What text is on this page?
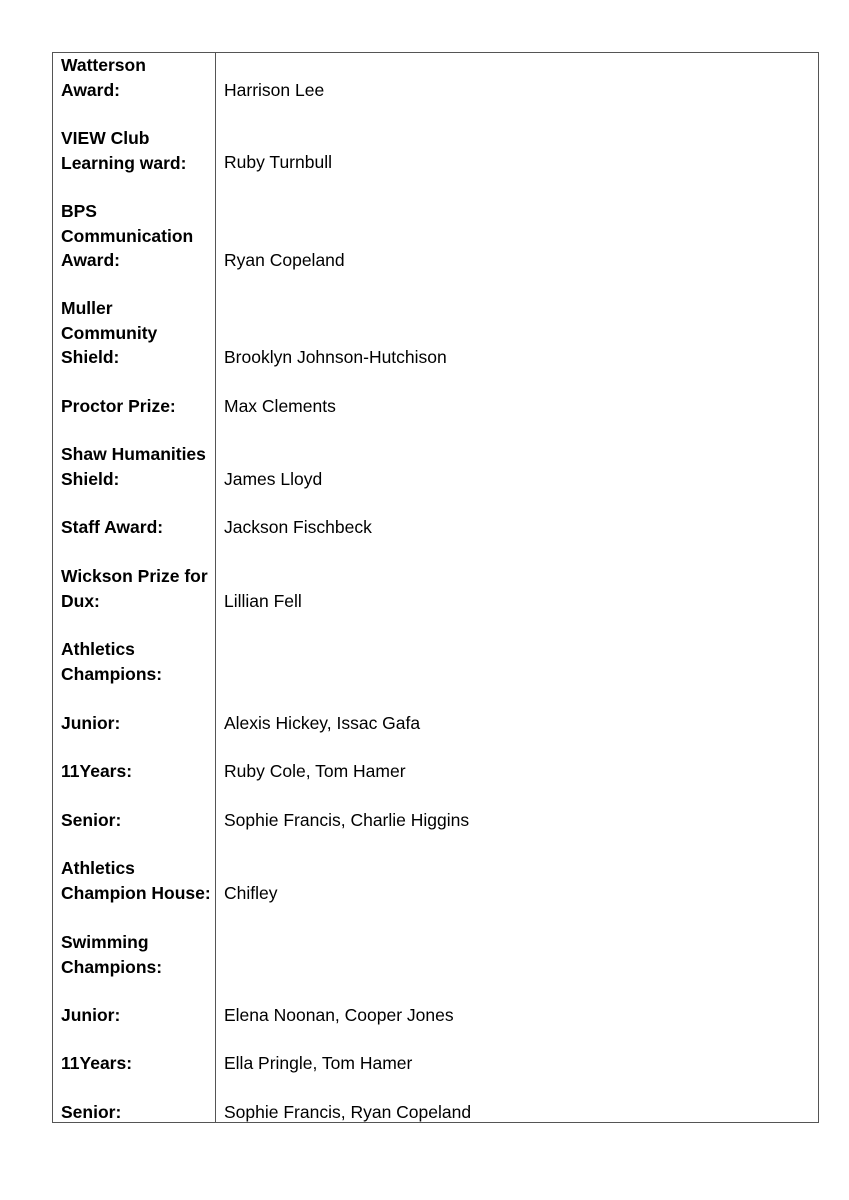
Watterson
Award:	Harrison Lee
VIEW Club
Learning ward:	Ruby Turnbull
BPS
Communication
Award:	Ryan Copeland
Muller
Community
Shield:	Brooklyn Johnson-Hutchison
Proctor Prize:	Max Clements
Shaw Humanities
Shield:	James Lloyd
Staff Award:	Jackson Fischbeck
Wickson Prize for
Dux:	Lillian Fell
Athletics
Champions:
Junior:	Alexis Hickey, Issac Gafa
11Years:	Ruby Cole, Tom Hamer
Senior:	Sophie Francis, Charlie Higgins
Athletics
Champion House: Chifley
Swimming
Champions:
Junior:	Elena Noonan, Cooper Jones
11Years:	Ella Pringle, Tom Hamer
Senior:	Sophie Francis, Ryan Copeland
